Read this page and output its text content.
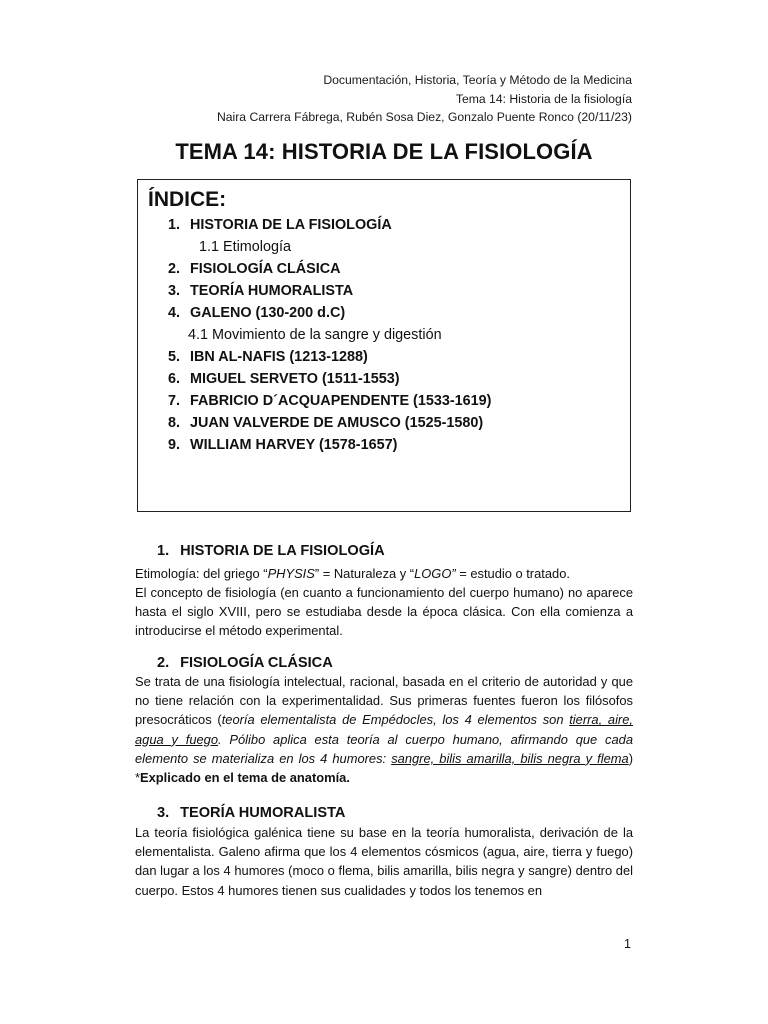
Documentación, Historia, Teoría y Método de la Medicina
Tema 14: Historia de la fisiología
Naira Carrera Fábrega, Rubén Sosa Diez, Gonzalo Puente Ronco (20/11/23)
TEMA 14: HISTORIA DE LA FISIOLOGÍA
ÍNDICE:
1. HISTORIA DE LA FISIOLOGÍA
1.1 Etimología
2. FISIOLOGÍA CLÁSICA
3. TEORÍA HUMORALISTA
4. GALENO (130-200 d.C)
4.1 Movimiento de la sangre y digestión
5. IBN AL-NAFIS (1213-1288)
6. MIGUEL SERVETO (1511-1553)
7. FABRICIO D´ACQUAPENDENTE (1533-1619)
8. JUAN VALVERDE DE AMUSCO (1525-1580)
9. WILLIAM HARVEY (1578-1657)
1. HISTORIA DE LA FISIOLOGÍA
Etimología: del griego “PHYSIS” = Naturaleza y “LOGO” = estudio o tratado.
El concepto de fisiología (en cuanto a funcionamiento del cuerpo humano) no aparece hasta el siglo XVIII, pero se estudiaba desde la época clásica. Con ella comienza a introducirse el método experimental.
2. FISIOLOGÍA CLÁSICA
Se trata de una fisiología intelectual, racional, basada en el criterio de autoridad y que no tiene relación con la experimentalidad. Sus primeras fuentes fueron los filósofos presocráticos (teoría elementalista de Empédocles, los 4 elementos son tierra, aire, agua y fuego. Pólibo aplica esta teoría al cuerpo humano, afirmando que cada elemento se materializa en los 4 humores: sangre, bilis amarilla, bilis negra y flema) *Explicado en el tema de anatomía.
3. TEORÍA HUMORALISTA
La teoría fisiológica galénica tiene su base en la teoría humoralista, derivación de la elementalista. Galeno afirma que los 4 elementos cósmicos (agua, aire, tierra y fuego) dan lugar a los 4 humores (moco o flema, bilis amarilla, bilis negra y sangre) dentro del cuerpo. Estos 4 humores tienen sus cualidades y todos los tenemos en
1
